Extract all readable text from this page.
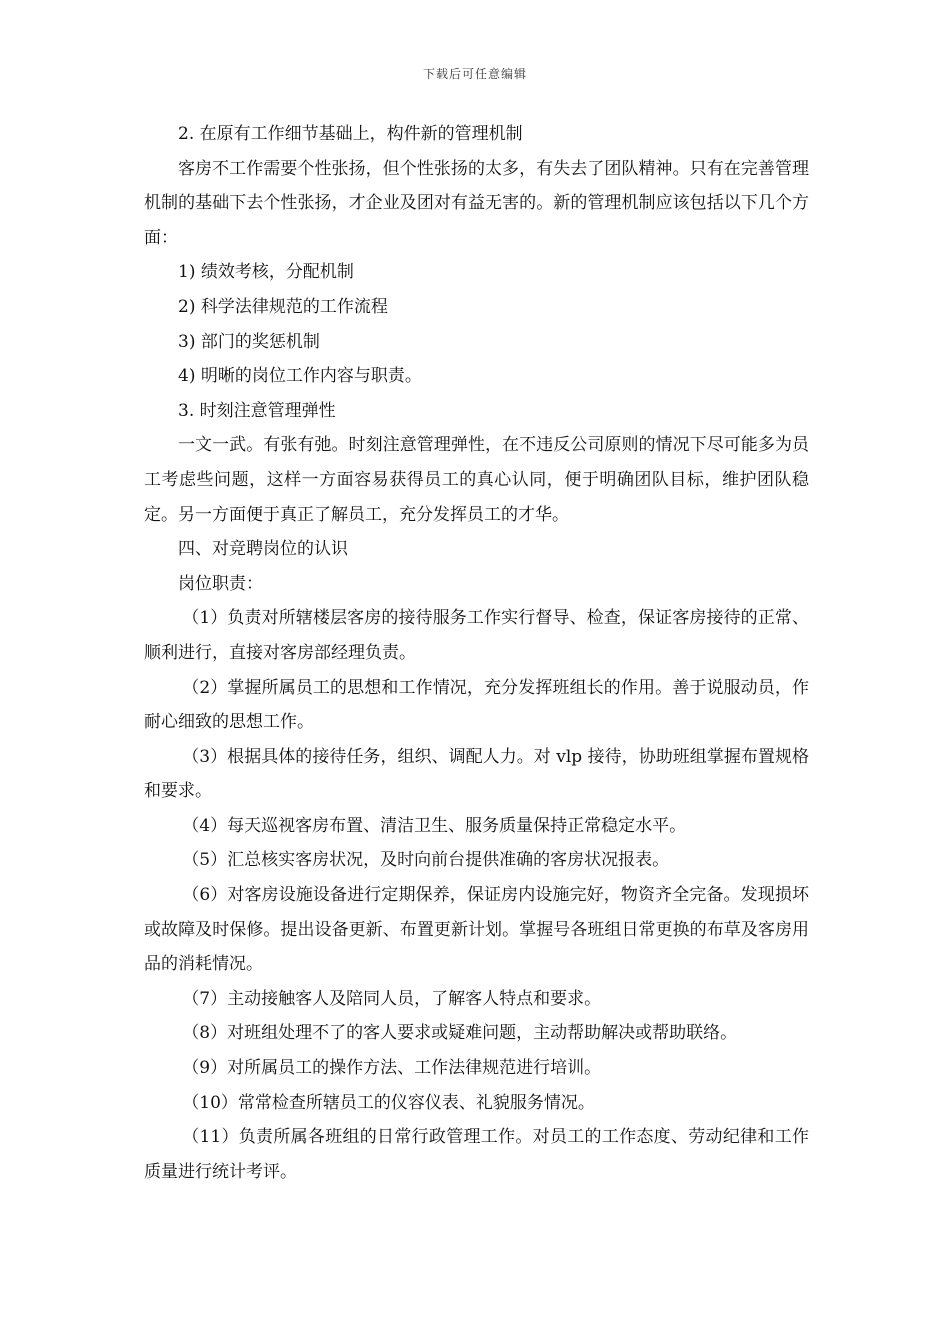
下载后可任意编辑

2. 在原有工作细节基础上，构件新的管理机制

客房不工作需要个性张扬，但个性张扬的太多，有失去了团队精神。只有在完善管理机制的基础下去个性张扬，才企业及团对有益无害的。新的管理机制应该包括以下几个方面：

1) 绩效考核，分配机制

2) 科学法律规范的工作流程

3) 部门的奖惩机制

4) 明晰的岗位工作内容与职责。

3. 时刻注意管理弹性

一文一武。有张有弛。时刻注意管理弹性，在不违反公司原则的情况下尽可能多为员工考虑些问题，这样一方面容易获得员工的真心认同，便于明确团队目标，维护团队稳定。另一方面便于真正了解员工，充分发挥员工的才华。

四、对竞聘岗位的认识

岗位职责：

（1）负责对所辖楼层客房的接待服务工作实行督导、检查，保证客房接待的正常、顺利进行，直接对客房部经理负责。

（2）掌握所属员工的思想和工作情况，充分发挥班组长的作用。善于说服动员，作耐心细致的思想工作。

（3）根据具体的接待任务，组织、调配人力。对 vlp 接待，协助班组掌握布置规格和要求。

（4）每天巡视客房布置、清洁卫生、服务质量保持正常稳定水平。

（5）汇总核实客房状况，及时向前台提供准确的客房状况报表。

（6）对客房设施设备进行定期保养，保证房内设施完好，物资齐全完备。发现损坏或故障及时保修。提出设备更新、布置更新计划。掌握号各班组日常更换的布草及客房用品的消耗情况。

（7）主动接触客人及陪同人员，了解客人特点和要求。

（8）对班组处理不了的客人要求或疑难问题，主动帮助解决或帮助联络。

（9）对所属员工的操作方法、工作法律规范进行培训。

（10）常常检查所辖员工的仪容仪表、礼貌服务情况。

（11）负责所属各班组的日常行政管理工作。对员工的工作态度、劳动纪律和工作质量进行统计考评。
